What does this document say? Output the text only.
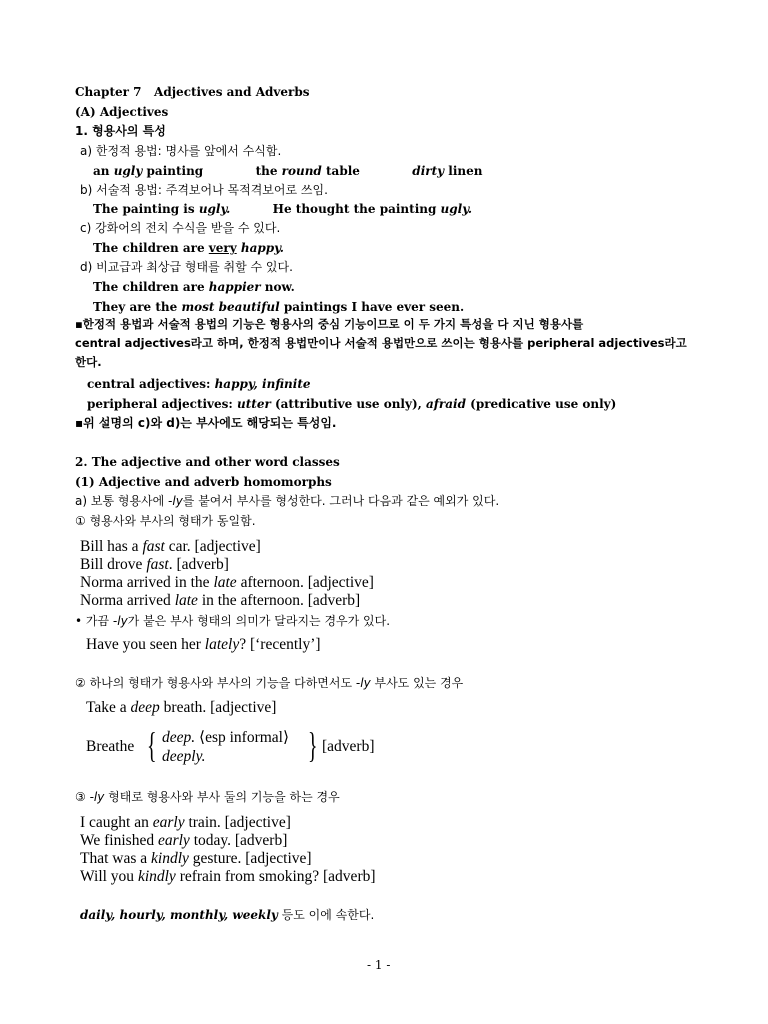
Chapter 7 Adjectives and Adverbs
(A) Adjectives
1. 형용사의 특성
a) 한정적 용법: 명사를 앞에서 수식함.
an ugly painting	the round table	dirty linen
b) 서술적 용법: 주격보어나 목적격보어로 쓰임.
The painting is ugly.	He thought the painting ugly.
c) 강화어의 전치 수식을 받을 수 있다.
The children are very happy.
d) 비교급과 최상급 형태를 취할 수 있다.
The children are happier now.
They are the most beautiful paintings I have ever seen.
▪한정적 용법과 서술적 용법의 기능은 형용사의 중심 기능이므로 이 두 가지 특성을 다 지닌 형용사를
central adjectives라고 하며, 한정적 용법만이나 서술적 용법만으로 쓰이는 형용사를 peripheral adjectives라고
한다.
central adjectives: happy, infinite
peripheral adjectives: utter (attributive use only), afraid (predicative use only)
▪위 설명의 c)와 d)는 부사에도 해당되는 특성임.
2. The adjective and other word classes
(1) Adjective and adverb homomorphs
a) 보통 형용사에 -ly를 붙여서 부사를 형성한다. 그러나 다음과 같은 예외가 있다.
① 형용사와 부사의 형태가 동일함.
Bill has a fast car. [adjective]
Bill drove fast. [adverb]
Norma arrived in the late afternoon. [adjective]
Norma arrived late in the afternoon. [adverb]
• 가끔 -ly가 붙은 부사 형태의 의미가 달라지는 경우가 있다.
Have you seen her lately? [‘recently’]
② 하나의 형태가 형용사와 부사의 기능을 다하면서도 -ly 부사도 있는 경우
Take a deep breath. [adjective]
Breathe { deep. ⟨esp informal⟩
deeply.	} [adverb]
③ -ly 형태로 형용사와 부사 둘의 기능을 하는 경우
I caught an early train. [adjective]
We finished early today. [adverb]
That was a kindly gesture. [adjective]
Will you kindly refrain from smoking? [adverb]
daily, hourly, monthly, weekly 등도 이에 속한다.
- 1 -
